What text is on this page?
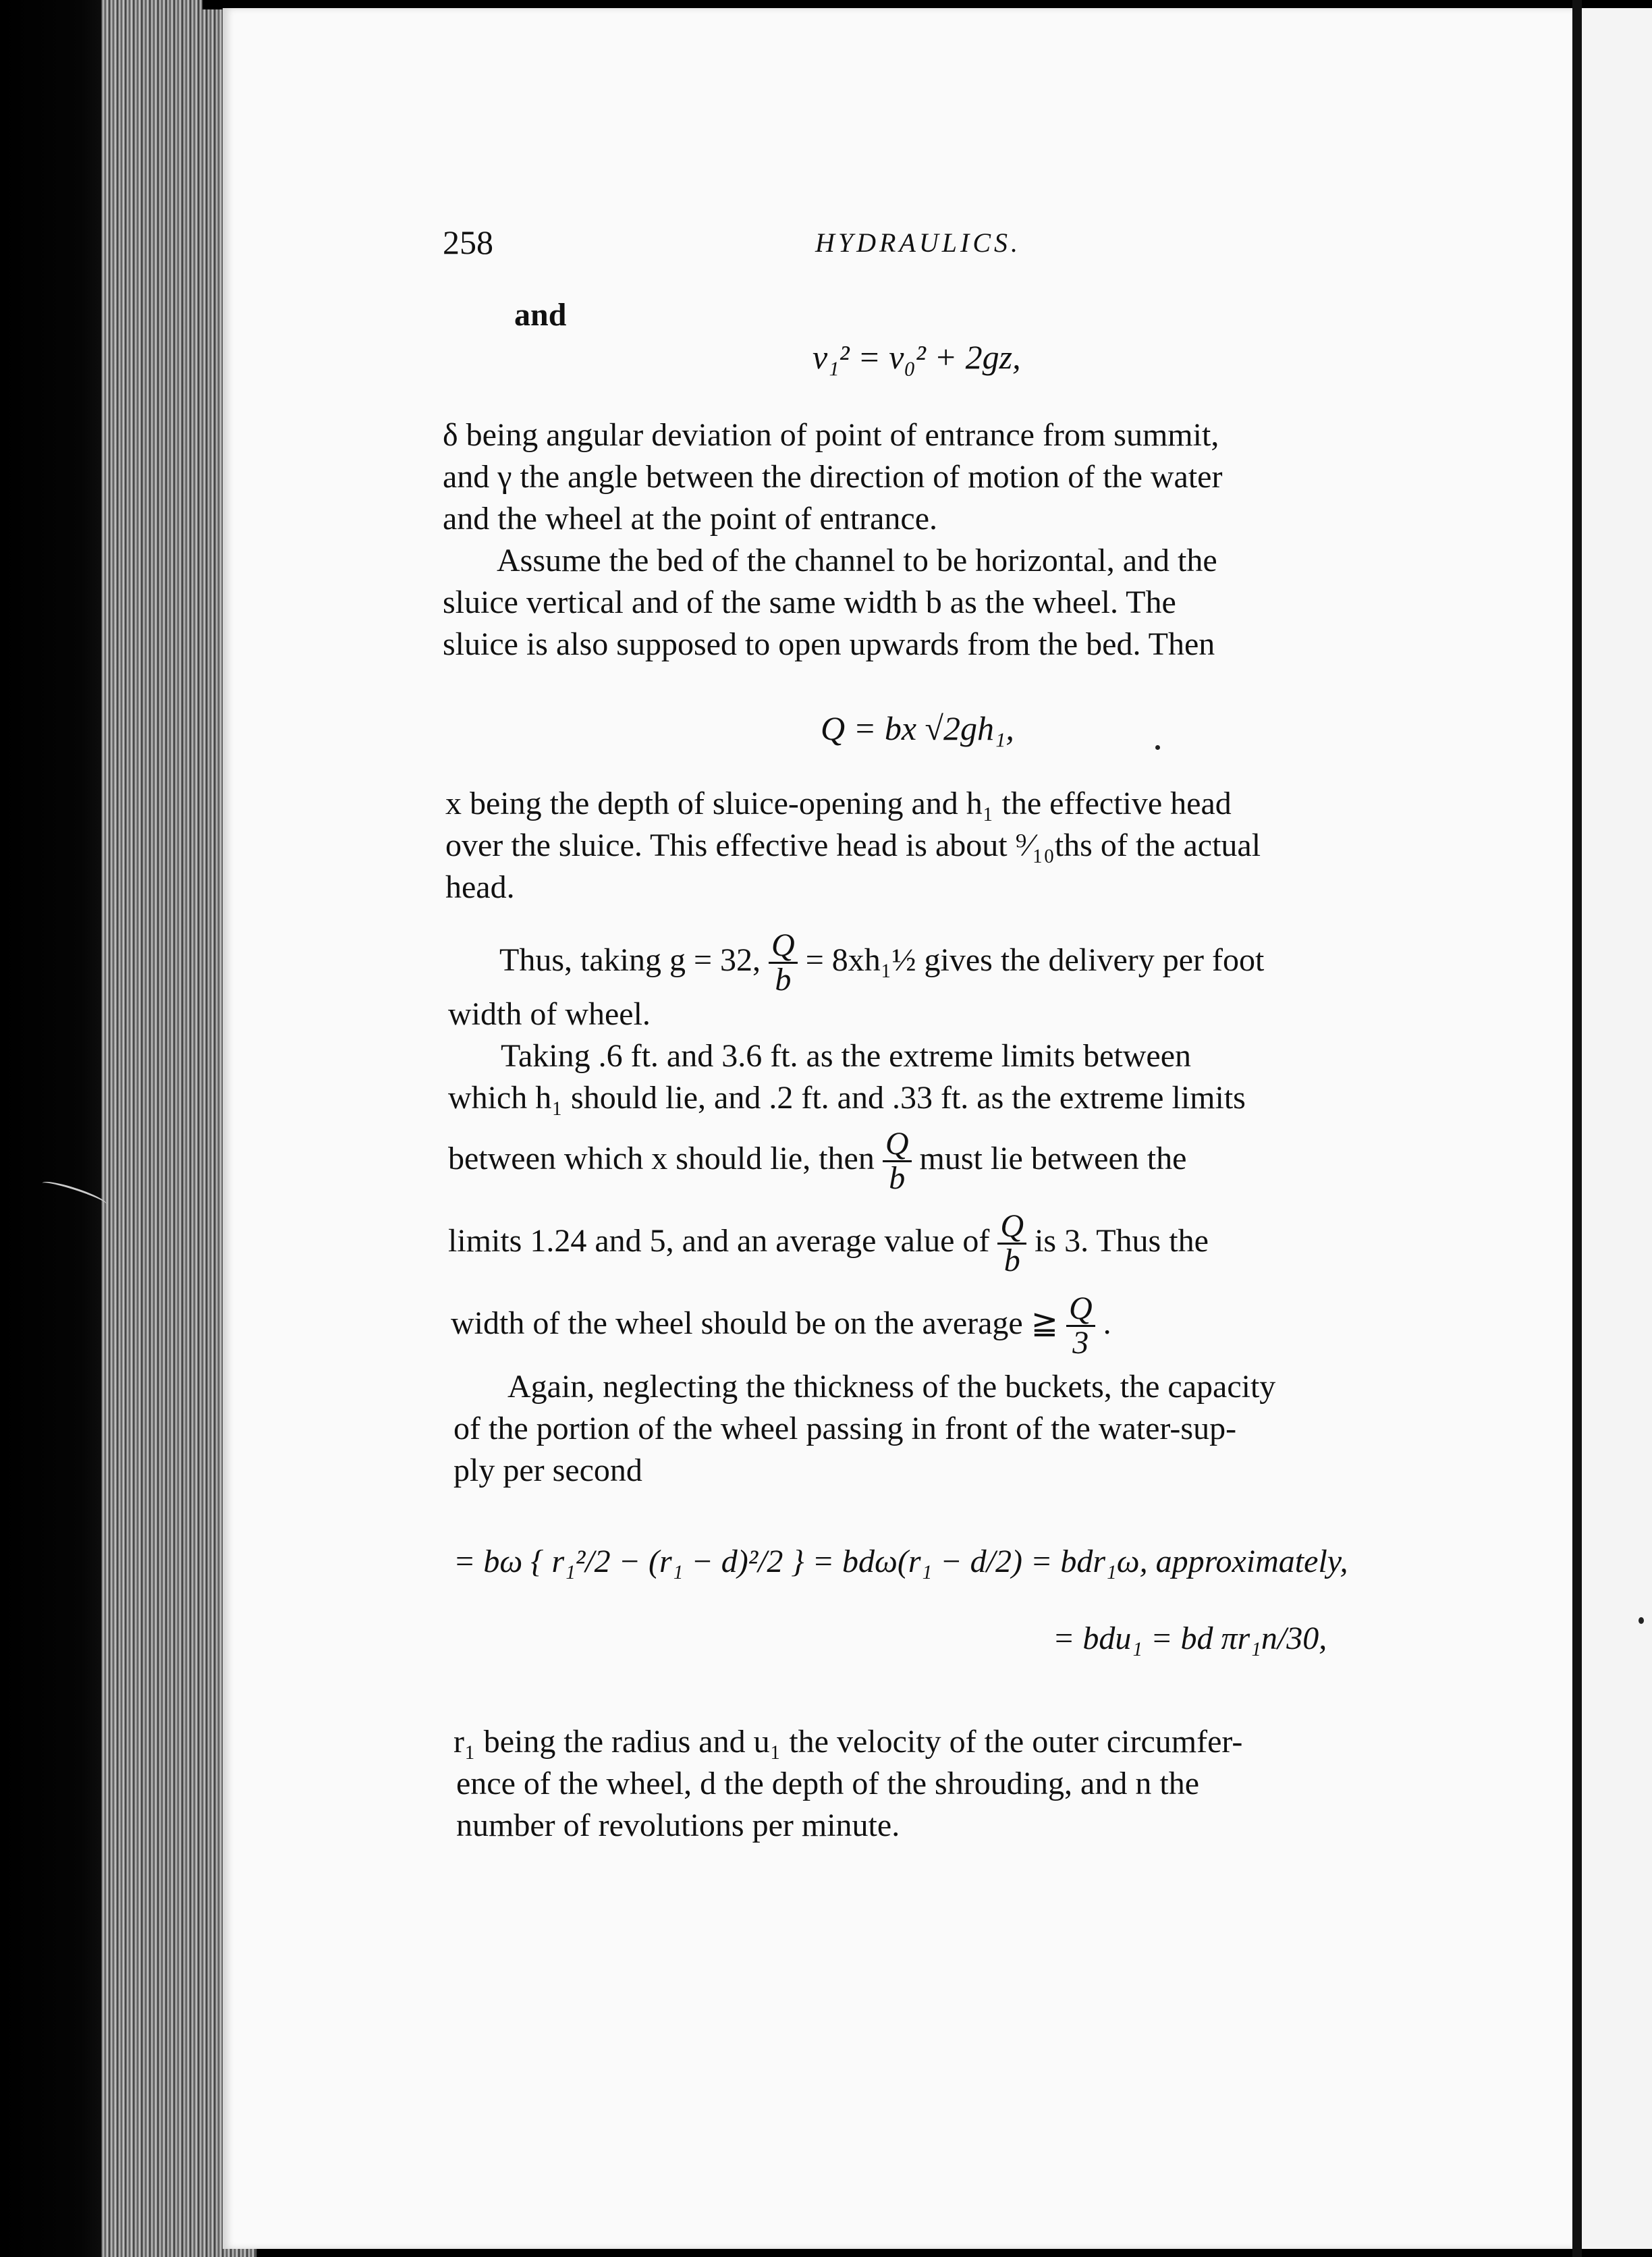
258	HYDRAULICS.
and
v₁² = v₀² + 2gz,
δ being angular deviation of point of entrance from summit,
and γ the angle between the direction of motion of the water
and the wheel at the point of entrance.
Assume the bed of the channel to be horizontal, and the
sluice vertical and of the same width b as the wheel. The
sluice is also supposed to open upwards from the bed. Then
Q = bx √2gh₁,
x being the depth of sluice-opening and h₁ the effective head
over the sluice. This effective head is about ⁹⁄₁₀ths of the actual
head.
Thus, taking g = 32, $\frac{Q}{b}$ = 8xh₁½ gives the delivery per foot
width of wheel.
Taking .6 ft. and 3.6 ft. as the extreme limits between
which h₁ should lie, and .2 ft. and .33 ft. as the extreme limits
between which x should lie, then $\frac{Q}{b}$ must lie between the
limits 1.24 and 5, and an average value of $\frac{Q}{b}$ is 3. Thus the
width of the wheel should be on the average ≧ $\frac{Q}{3}$ .
Again, neglecting the thickness of the buckets, the capacity
of the portion of the wheel passing in front of the water-sup-
ply per second
= bω { r₁²/2 − (r₁ − d)²/2 } = bdω(r₁ − d/2) = bdr₁ω, approximately,
= bdu₁ = bd πr₁n/30,
r₁ being the radius and u₁ the velocity of the outer circumfer-
ence of the wheel, d the depth of the shrouding, and n the
number of revolutions per minute.
